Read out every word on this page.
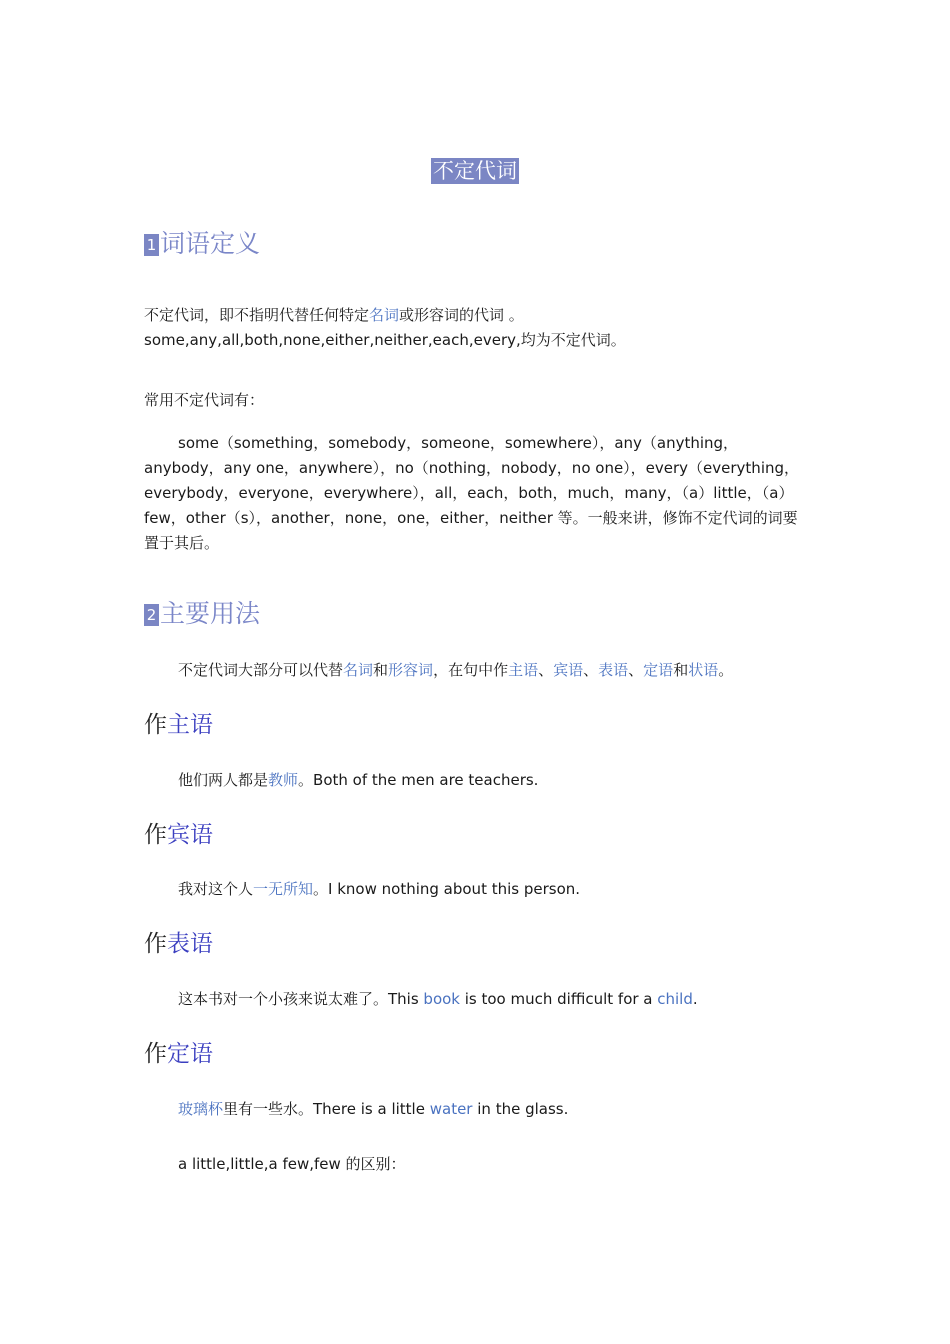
不定代词
1 词语定义
不定代词，即不指明代替任何特定名词或形容词的代词 。
some,any,all,both,none,either,neither,each,every,均为不定代词。
常用不定代词有：
some（something，somebody，someone，somewhere），any（anything，anybody，any one，anywhere），no（nothing，nobody，no one），every（everything，everybody，everyone，everywhere），all，each，both，much，many，（a）little，（a）few，other（s），another，none，one，either，neither 等。一般来讲，修饰不定代词的词要置于其后。
2 主要用法
不定代词大部分可以代替名词和形容词，在句中作主语、宾语、表语、定语和状语。
作主语
他们两人都是教师。Both of the men are teachers.
作宾语
我对这个人一无所知。I know nothing about this person.
作表语
这本书对一个小孩来说太难了。This book is too much difficult for a child.
作定语
玻璃杯里有一些水。There is a little water in the glass.
a little,little,a few,few 的区别：
